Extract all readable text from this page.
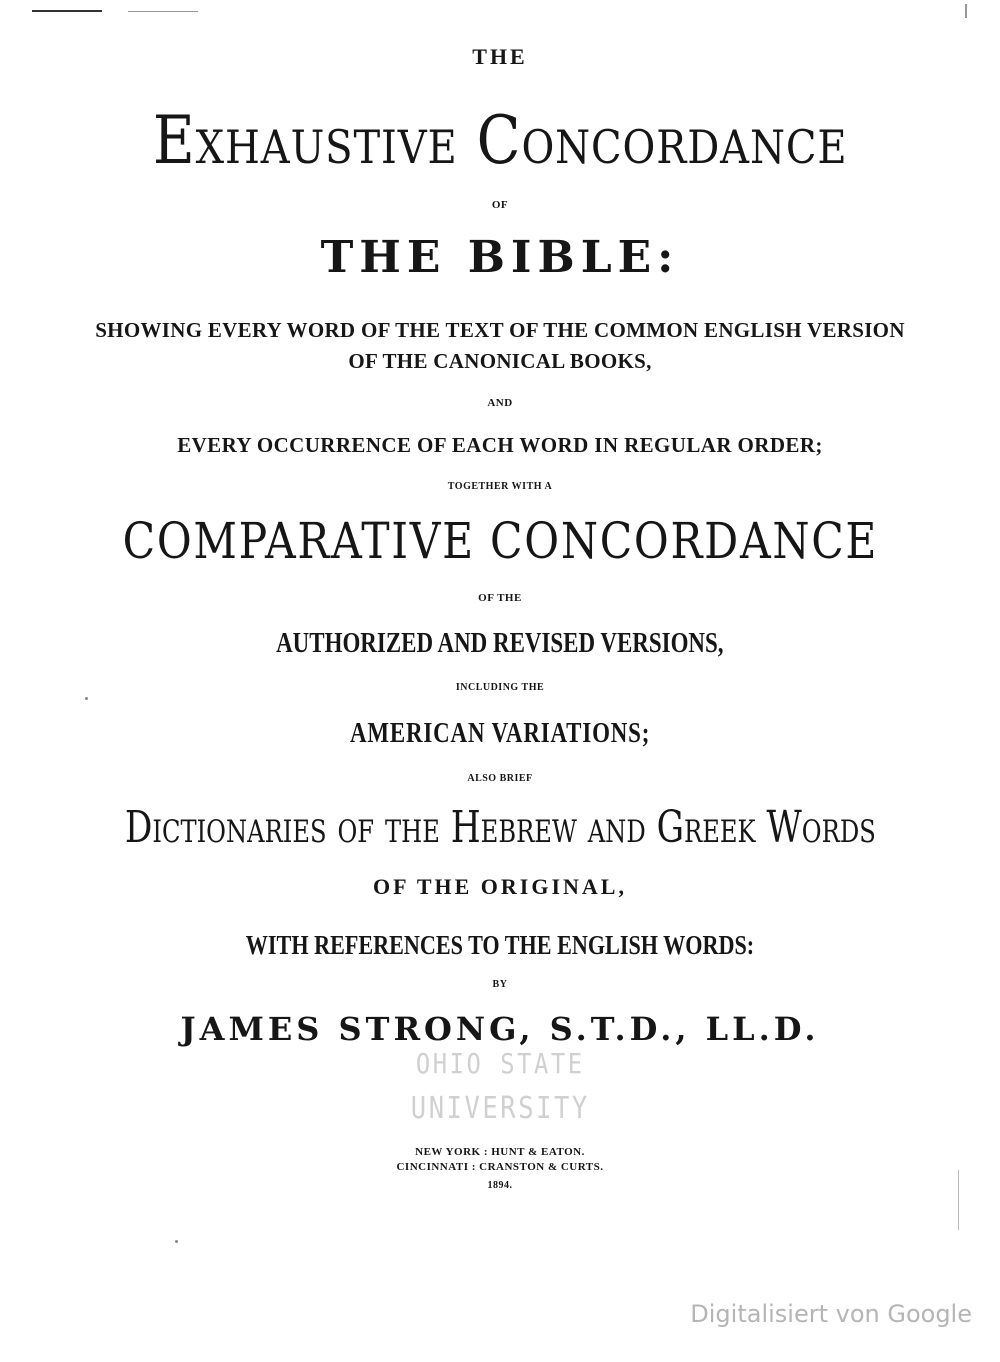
THE
Exhaustive Concordance
OF
THE BIBLE:
SHOWING EVERY WORD OF THE TEXT OF THE COMMON ENGLISH VERSION
OF THE CANONICAL BOOKS,
AND
EVERY OCCURRENCE OF EACH WORD IN REGULAR ORDER;
TOGETHER WITH A
COMPARATIVE CONCORDANCE
OF THE
AUTHORIZED AND REVISED VERSIONS,
INCLUDING THE
AMERICAN VARIATIONS;
ALSO BRIEF
Dictionaries of the Hebrew and Greek Words
OF THE ORIGINAL,
WITH REFERENCES TO THE ENGLISH WORDS:
BY
JAMES STRONG, S.T.D., LL.D.
OHIO STATE
UNIVERSITY
NEW YORK : HUNT & EATON.
CINCINNATI : CRANSTON & CURTS.
1894.
Digitalisiert von Google
